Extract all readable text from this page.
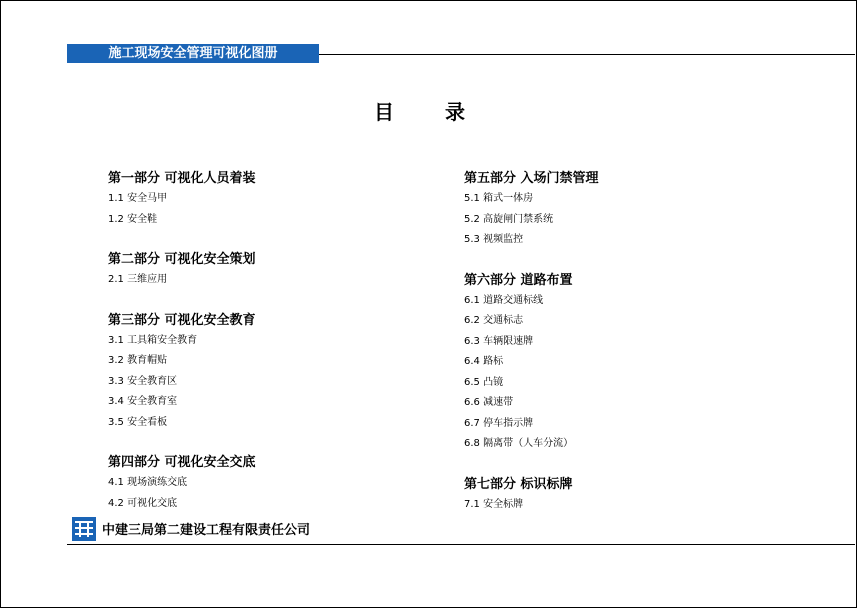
施工现场安全管理可视化图册
目 录
第一部分 可视化人员着装
1.1 安全马甲
1.2 安全鞋
第二部分 可视化安全策划
2.1 三维应用
第三部分 可视化安全教育
3.1 工具箱安全教育
3.2 教育帽贴
3.3 安全教育区
3.4 安全教育室
3.5 安全看板
第四部分 可视化安全交底
4.1 现场演练交底
4.2 可视化交底
第五部分 入场门禁管理
5.1 箱式一体房
5.2 高旋闸门禁系统
5.3 视频监控
第六部分 道路布置
6.1 道路交通标线
6.2 交通标志
6.3 车辆限速牌
6.4 路标
6.5 凸镜
6.6 减速带
6.7 停车指示牌
6.8 隔离带（人车分流）
第七部分 标识标牌
7.1 安全标牌
中建三局第二建设工程有限责任公司
